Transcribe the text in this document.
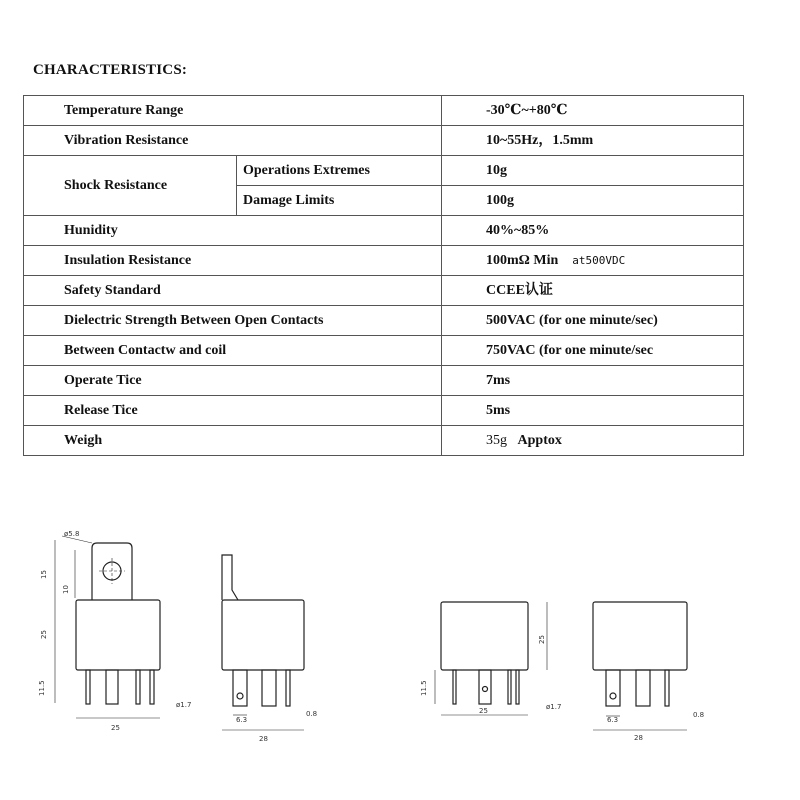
CHARACTERISTICS:
Temperature Range		-30℃~+80℃
Vibration Resistance		10~55Hz，1.5mm
Shock Resistance	Operations Extremes	10g
	Damage Limits	100g
Hunidity		40%~85%
Insulation Resistance		100mΩ Min at500VDC
Safety Standard		CCEE认证
Dielectric Strength Between Open Contacts		500VAC (for one minute/sec)
Between Contactw and coil		750VAC (for one minute/sec
Operate Tice		7ms
Release Tice		5ms
Weigh		35g Apptox
ø5.8
15
10
25
11.5
25
ø1.7
6.3
28
0.8
25
11.5
25	ø1.7
6.3
28
0.8
